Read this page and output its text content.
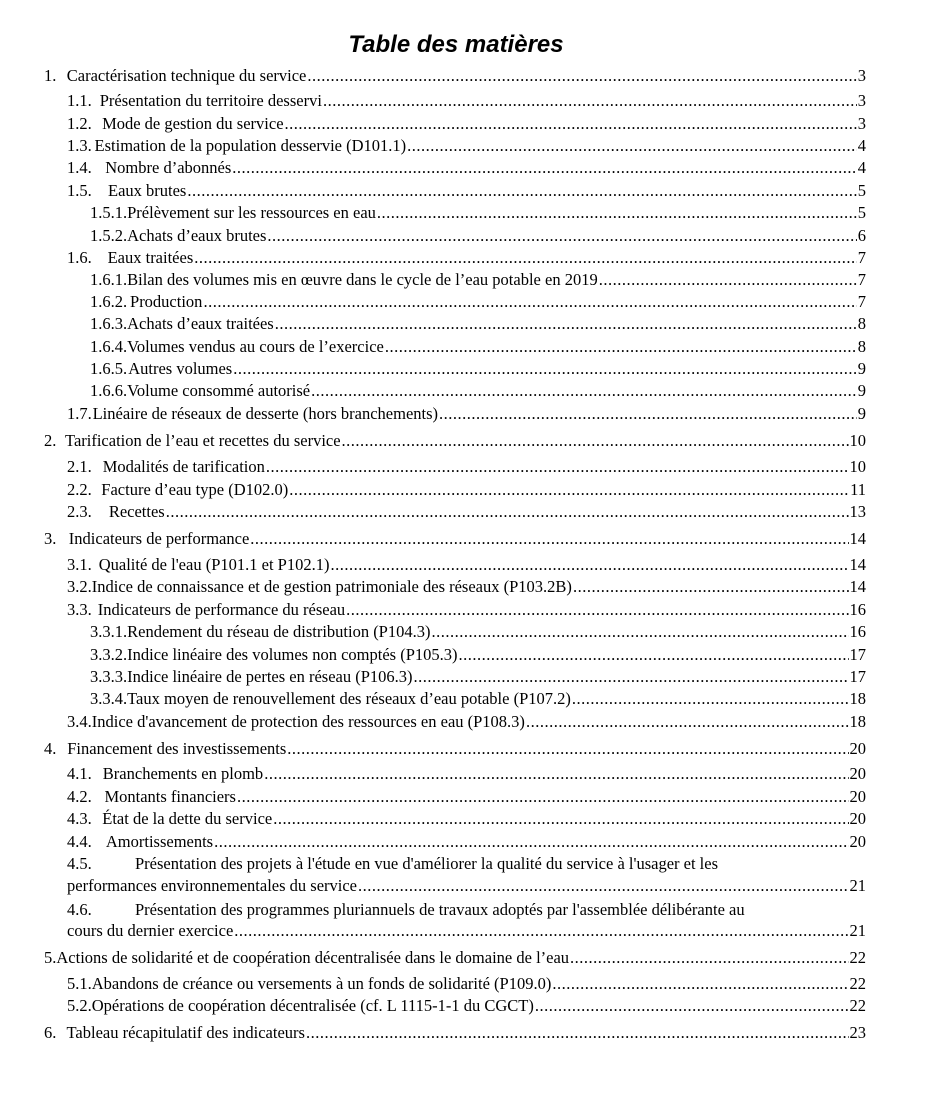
Table des matières
1. Caractérisation technique du service .....	3
1.1. Présentation du territoire desservi .....	3
1.2. Mode de gestion du service .....	3
1.3. Estimation de la population desservie (D101.1) .....	4
1.4. Nombre d’abonnés .....	4
1.5. Eaux brutes .....	5
1.5.1. Prélèvement sur les ressources en eau .....	5
1.5.2. Achats d’eaux brutes .....	6
1.6. Eaux traitées .....	7
1.6.1. Bilan des volumes mis en œuvre dans le cycle de l’eau potable en 2019 .....	7
1.6.2. Production .....	7
1.6.3. Achats d’eaux traitées .....	8
1.6.4. Volumes vendus au cours de l’exercice .....	8
1.6.5. Autres volumes .....	9
1.6.6. Volume consommé autorisé .....	9
1.7. Linéaire de réseaux de desserte (hors branchements) .....	9
2. Tarification de l’eau et recettes du service .....	10
2.1. Modalités de tarification .....	10
2.2. Facture d’eau type (D102.0) .....	11
2.3.	Recettes .....	13
3. Indicateurs de performance .....	14
3.1. Qualité de l'eau (P101.1 et P102.1) .....	14
3.2. Indice de connaissance et de gestion patrimoniale des réseaux (P103.2B) .....	14
3.3. Indicateurs de performance du réseau .....	16
3.3.1. Rendement du réseau de distribution (P104.3) .....	16
3.3.2. Indice linéaire des volumes non comptés (P105.3) .....	17
3.3.3. Indice linéaire de pertes en réseau (P106.3) .....	17
3.3.4. Taux moyen de renouvellement des réseaux d’eau potable (P107.2) .....	18
3.4. Indice d'avancement de protection des ressources en eau (P108.3) .....	18
4. Financement des investissements .....	20
4.1. Branchements en plomb .....	20
4.2. Montants financiers .....	20
4.3. État de la dette du service .....	20
4.4. Amortissements .....	20
4.5.	Présentation des projets à l'étude en vue d'améliorer la qualité du service à l'usager et les
performances environnementales du service .....	21
4.6.	Présentation des programmes pluriannuels de travaux adoptés par l'assemblée délibérante au
cours du dernier exercice .....	21
5. Actions de solidarité et de coopération décentralisée dans le domaine de l’eau .....	22
5.1. Abandons de créance ou versements à un fonds de solidarité (P109.0) .....	22
5.2. Opérations de coopération décentralisée (cf. L 1115-1-1 du CGCT) .....	22
6. Tableau récapitulatif des indicateurs .....	23
